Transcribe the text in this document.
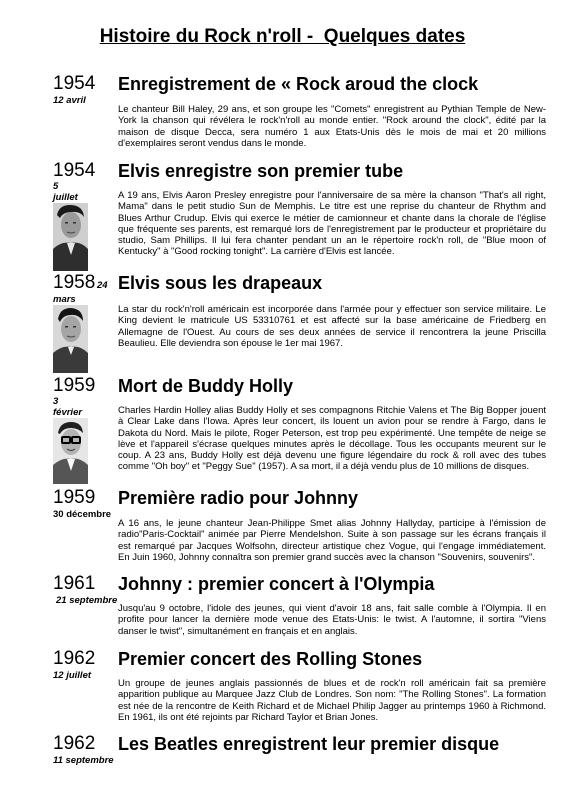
Histoire du Rock n'roll -  Quelques dates
1954
12 avril
Enregistrement de « Rock aroud the clock
Le chanteur Bill Haley, 29 ans, et son groupe les "Comets" enregistrent au Pythian Temple de New-York la chanson qui révélera le rock'n'roll au monde entier. "Rock around the clock", édité par la maison de disque Decca, sera numéro 1 aux Etats-Unis dès le mois de mai et 20 millions d'exemplaires seront vendus dans le monde.
1954
5
juillet
Elvis enregistre son premier tube
A 19 ans, Elvis Aaron Presley enregistre pour l'anniversaire de sa mère la chanson "That's all right, Mama" dans le petit studio Sun de Memphis. Le titre est une reprise du chanteur de Rhythm and Blues Arthur Crudup. Elvis qui exerce le métier de camionneur et chante dans la chorale de l'église que fréquente ses parents, est remarqué lors de l'enregistrement par le producteur et propriétaire du studio, Sam Phillips. Il lui fera chanter pendant un an le répertoire rock'n roll, de "Blue moon of Kentucky" à "Good rocking tonight". La carrière d'Elvis est lancée.
1958 24
mars
Elvis sous les drapeaux
La star du rock'n'roll américain est incorporée dans l'armée pour y effectuer son service militaire. Le King devient le matricule US 53310761 et est affecté sur la base américaine de Friedberg en Allemagne de l'Ouest. Au cours de ses deux années de service il rencontrera la jeune Priscilla Beaulieu. Elle deviendra son épouse le 1er mai 1967.
1959
3
février
Mort de Buddy Holly
Charles Hardin Holley alias Buddy Holly et ses compagnons Ritchie Valens et The Big Bopper jouent à Clear Lake dans l'Iowa. Après leur concert, ils louent un avion pour se rendre à Fargo, dans le Dakota du Nord. Mais le pilote, Roger Peterson, est trop peu expérimenté. Une tempête de neige se lève et l'appareil s'écrase quelques minutes après le décollage. Tous les occupants meurent sur le coup. A 23 ans, Buddy Holly est déjà devenu une figure légendaire du rock & roll avec des tubes comme "Oh boy" et "Peggy Sue" (1957). A sa mort, il a déjà vendu plus de 10 millions de disques.
1959
30 décembre
Première radio pour Johnny
A 16 ans, le jeune chanteur Jean-Philippe Smet alias Johnny Hallyday, participe à l'émission de radio"Paris-Cocktail" animée par Pierre Mendelshon. Suite à son passage sur les écrans français il est remarqué par Jacques Wolfsohn, directeur artistique chez Vogue, qui l'engage immédiatement. En Juin 1960, Johnny connaîtra son premier grand succès avec la chanson "Souvenirs, souvenirs".
1961
21 septembre
Johnny : premier concert à l'Olympia
Jusqu'au 9 octobre, l'idole des jeunes, qui vient d'avoir 18 ans, fait salle comble à l'Olympia. Il en profite pour lancer la dernière mode venue des Etats-Unis: le twist. A l'automne, il sortira "Viens danser le twist", simultanément en français et en anglais.
1962
12 juillet
Premier concert des Rolling Stones
Un groupe de jeunes anglais passionnés de blues et de rock'n roll américain fait sa première apparition publique au Marquee Jazz Club de Londres. Son nom: "The Rolling Stones". La formation est née de la rencontre de Keith Richard et de Michael Philip Jagger au printemps 1960 à Richmond. En 1961, ils ont été rejoints par Richard Taylor et Brian Jones.
1962
11 septembre
Les Beatles enregistrent leur premier disque
